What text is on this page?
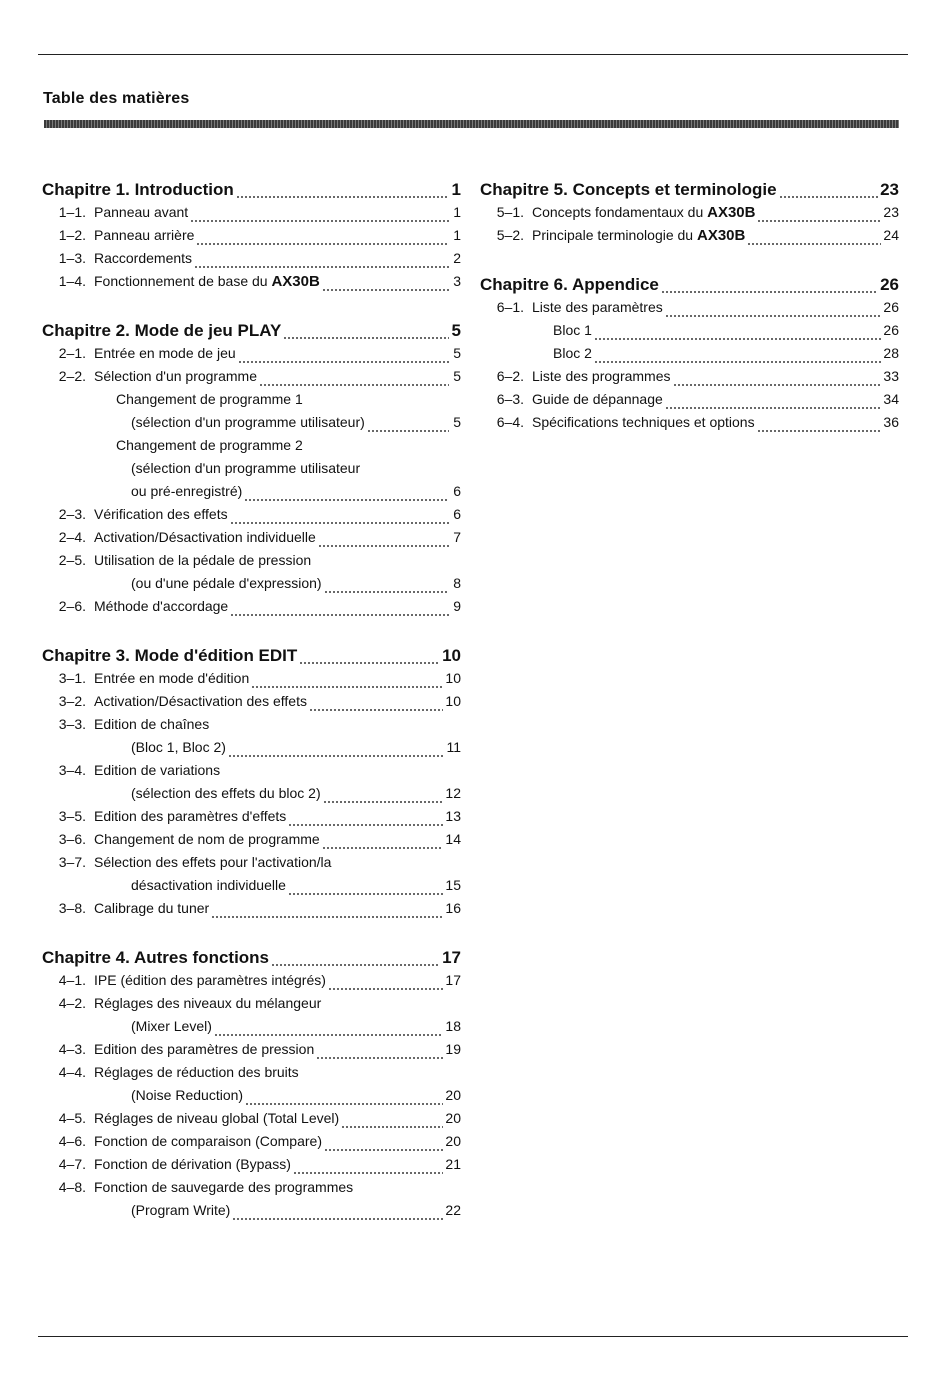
Table des matières
Chapitre 1. Introduction	1
1–1. Panneau avant	1
1–2. Panneau arrière	1
1–3. Raccordements	2
1–4. Fonctionnement de base du AX30B	3
Chapitre 2. Mode de jeu PLAY	5
2–1. Entrée en mode de jeu	5
2–2. Sélection d'un programme	5
Changement de programme 1
(sélection d'un programme utilisateur)	5
Changement de programme 2
(sélection d'un programme utilisateur
ou pré-enregistré)	6
2–3. Vérification des effets	6
2–4. Activation/Désactivation individuelle	7
2–5. Utilisation de la pédale de pression
(ou d'une pédale d'expression)	8
2–6. Méthode d'accordage	9
Chapitre 3. Mode d'édition EDIT	10
3–1. Entrée en mode d'édition	10
3–2. Activation/Désactivation des effets	10
3–3. Edition de chaînes
(Bloc 1, Bloc 2)	11
3–4. Edition de variations
(sélection des effets du bloc 2)	12
3–5. Edition des paramètres d'effets	13
3–6. Changement de nom de programme	14
3–7. Sélection des effets pour l'activation/la
désactivation individuelle	15
3–8. Calibrage du tuner	16
Chapitre 4. Autres fonctions	17
4–1. IPE (édition des paramètres intégrés)	17
4–2. Réglages des niveaux du mélangeur
(Mixer Level)	18
4–3. Edition des paramètres de pression	19
4–4. Réglages de réduction des bruits
(Noise Reduction)	20
4–5. Réglages de niveau global (Total Level)	20
4–6. Fonction de comparaison (Compare)	20
4–7. Fonction de dérivation (Bypass)	21
4–8. Fonction de sauvegarde des programmes
(Program Write)	22
Chapitre 5. Concepts et terminologie	23
5–1. Concepts fondamentaux du AX30B	23
5–2. Principale terminologie du AX30B	24
Chapitre 6. Appendice	26
6–1. Liste des paramètres	26
Bloc 1	26
Bloc 2	28
6–2. Liste des programmes	33
6–3. Guide de dépannage	34
6–4. Spécifications techniques et options	36
